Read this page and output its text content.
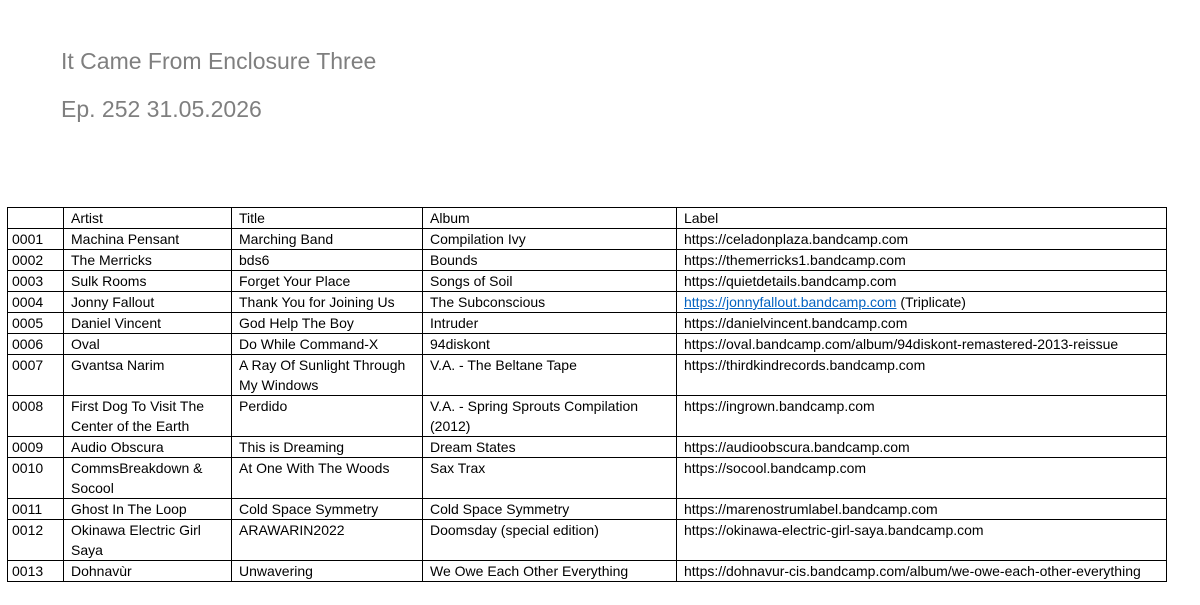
It Came From Enclosure Three
Ep. 252 31.05.2026
	Artist	Title	Album	Label
0001	Machina Pensant	Marching Band	Compilation Ivy	https://celadonplaza.bandcamp.com
0002	The Merricks	bds6	Bounds	https://themerricks1.bandcamp.com
0003	Sulk Rooms	Forget Your Place	Songs of Soil	https://quietdetails.bandcamp.com
0004	Jonny Fallout	Thank You for Joining Us	The Subconscious	https://jonnyfallout.bandcamp.com (Triplicate)
0005	Daniel Vincent	God Help The Boy	Intruder	https://danielvincent.bandcamp.com
0006	Oval	Do While Command-X	94diskont	https://oval.bandcamp.com/album/94diskont-remastered-2013-reissue
0007	Gvantsa Narim	A Ray Of Sunlight Through My Windows	V.A. - The Beltane Tape	https://thirdkindrecords.bandcamp.com
0008	First Dog To Visit The Center of the Earth	Perdido	V.A. - Spring Sprouts Compilation (2012)	https://ingrown.bandcamp.com
0009	Audio Obscura	This is Dreaming	Dream States	https://audioobscura.bandcamp.com
0010	CommsBreakdown & Socool	At One With The Woods	Sax Trax	https://socool.bandcamp.com
0011	Ghost In The Loop	Cold Space Symmetry	Cold Space Symmetry	https://marenostrumlabel.bandcamp.com
0012	Okinawa Electric Girl Saya	ARAWARIN2022	Doomsday (special edition)	https://okinawa-electric-girl-saya.bandcamp.com
0013	Dohnavùr	Unwavering	We Owe Each Other Everything	https://dohnavur-cis.bandcamp.com/album/we-owe-each-other-everything
